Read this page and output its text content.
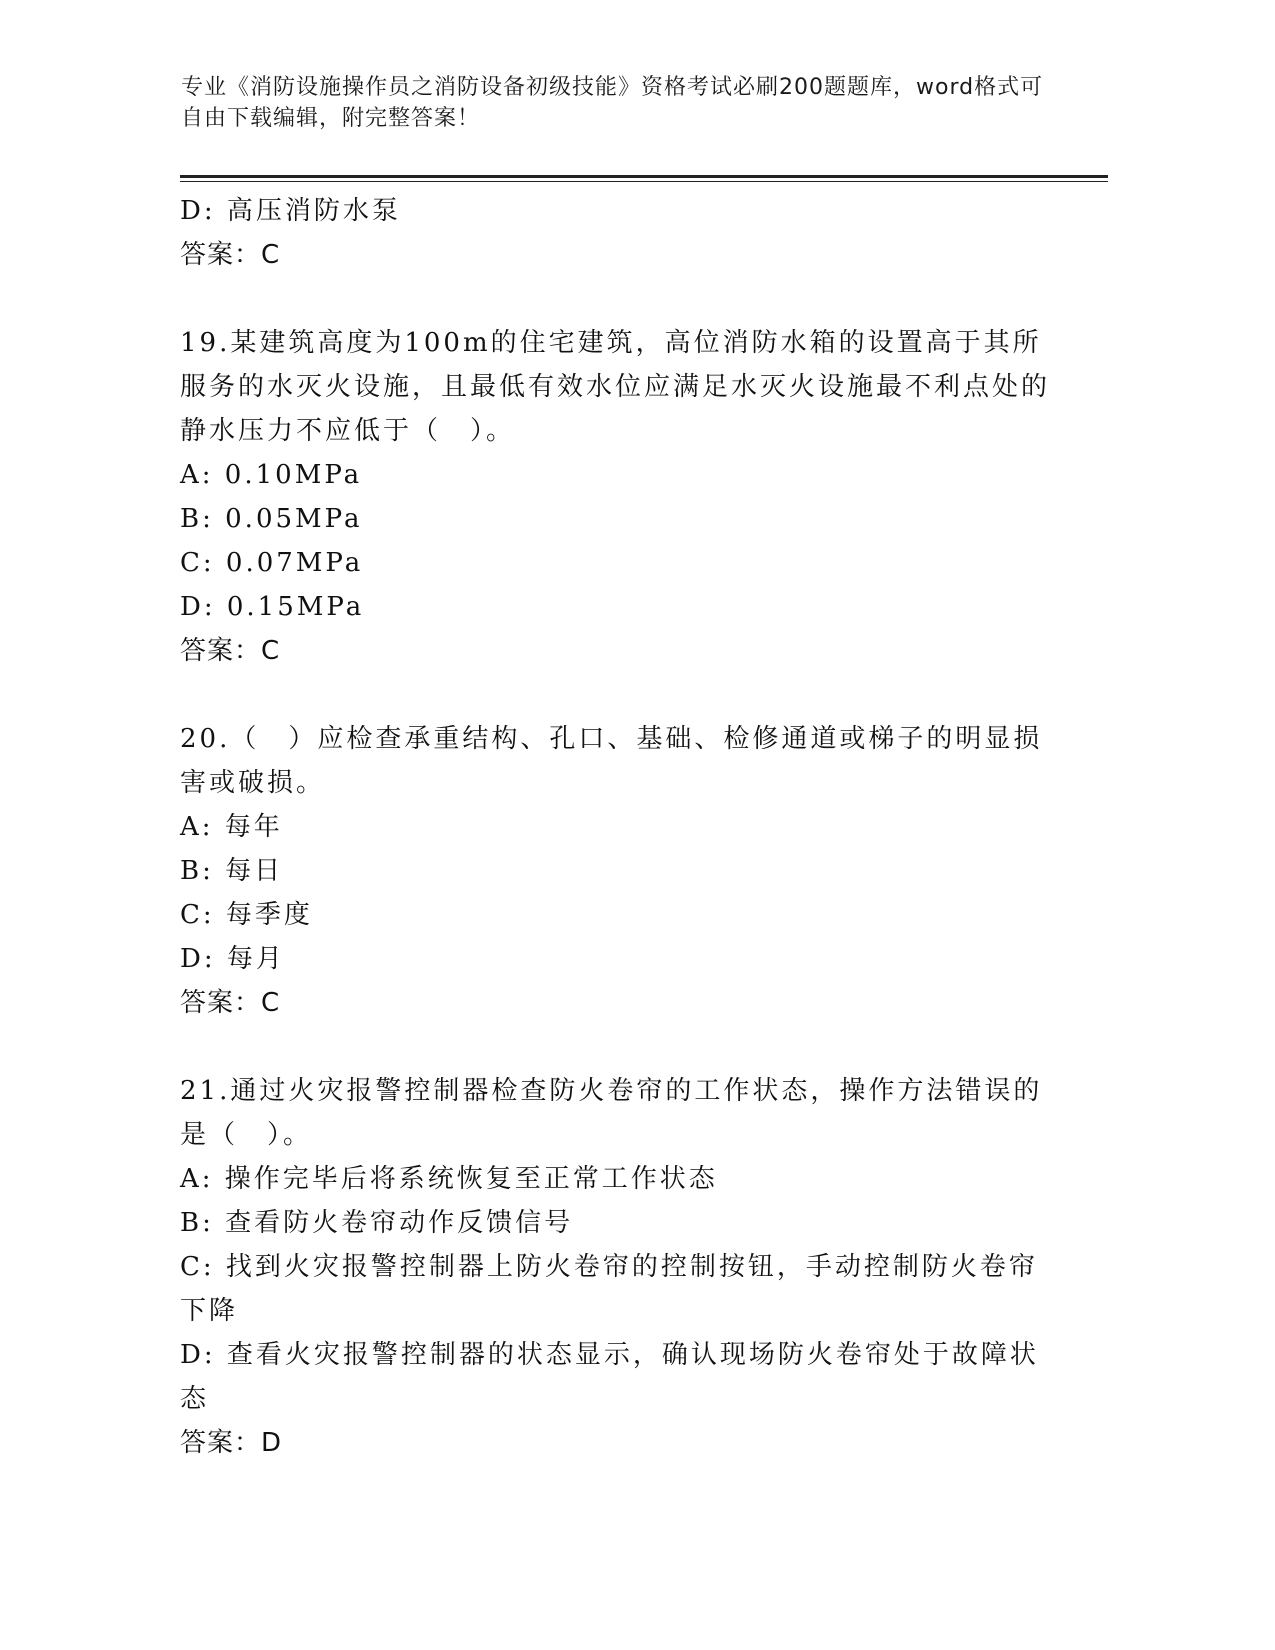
专业《消防设施操作员之消防设备初级技能》资格考试必刷200题题库，word格式可自由下载编辑，附完整答案！

D: 高压消防水泵

答案：C

19.某建筑高度为100m的住宅建筑，高位消防水箱的设置高于其所服务的水灭火设施，且最低有效水位应满足水灭火设施最不利点处的静水压力不应低于（　）。

A: 0.10MPa
B: 0.05MPa
C: 0.07MPa
D: 0.15MPa

答案：C

20.（　）应检查承重结构、孔口、基础、检修通道或梯子的明显损害或破损。

A: 每年
B: 每日
C: 每季度
D: 每月

答案：C

21.通过火灾报警控制器检查防火卷帘的工作状态，操作方法错误的是（　）。

A: 操作完毕后将系统恢复至正常工作状态
B: 查看防火卷帘动作反馈信号
C: 找到火灾报警控制器上防火卷帘的控制按钮，手动控制防火卷帘下降
D: 查看火灾报警控制器的状态显示，确认现场防火卷帘处于故障状态

答案：D
